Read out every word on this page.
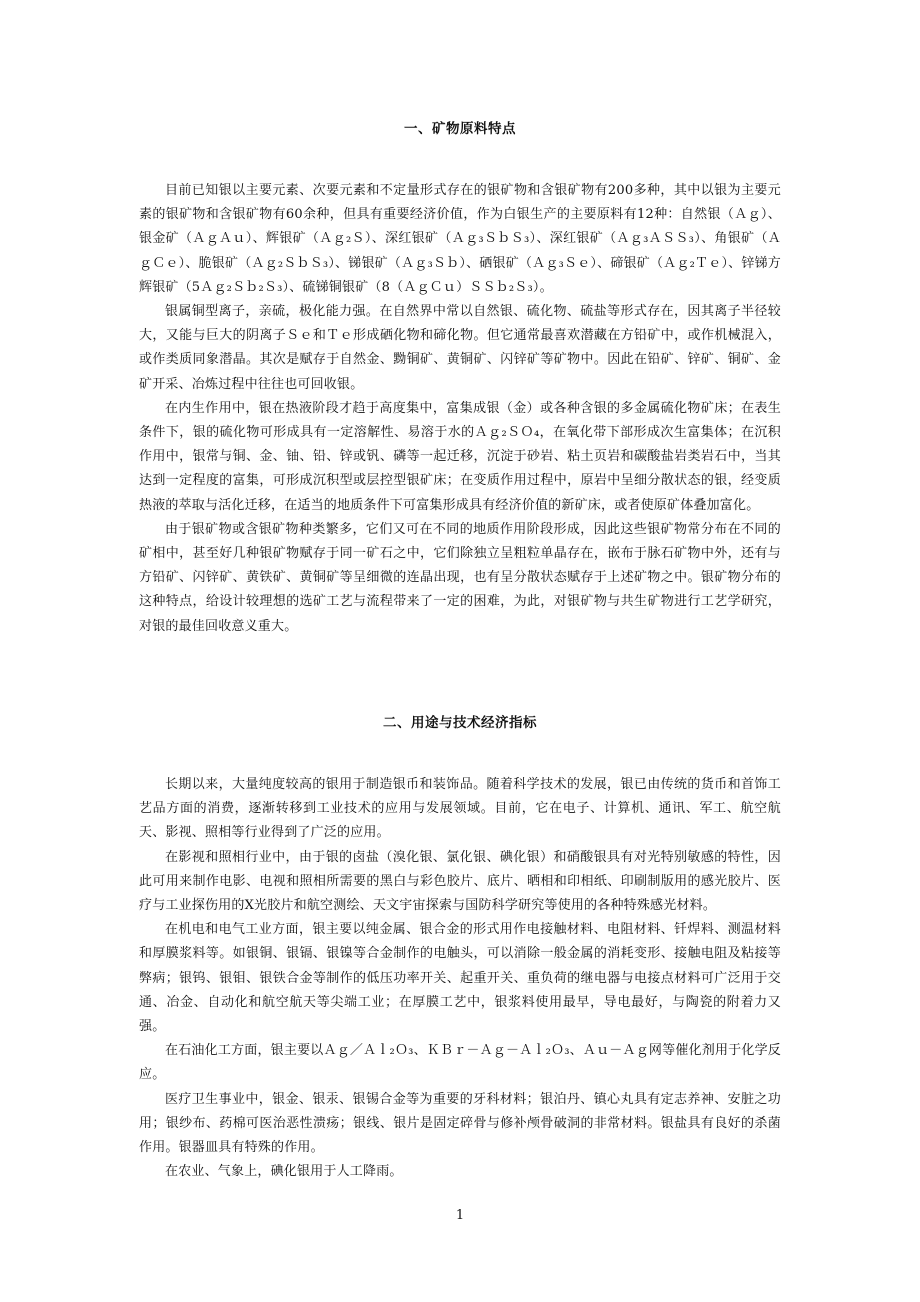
一、矿物原料特点

目前已知银以主要元素、次要元素和不定量形式存在的银矿物和含银矿物有200多种，其中以银为主要元素的银矿物和含银矿物有60余种，但具有重要经济价值，作为白银生产的主要原料有12种：自然银（Ａｇ）、银金矿（ＡｇＡｕ）、辉银矿（Ａｇ₂Ｓ）、深红银矿（Ａｇ₃ＳｂＳ₃）、深红银矿（Ａｇ₃ＡＳＳ₃）、角银矿（ＡｇＣｅ）、脆银矿（Ａｇ₂ＳｂＳ₃）、锑银矿（Ａｇ₃Ｓｂ）、硒银矿（Ａｇ₃Ｓｅ）、碲银矿（Ａｇ₂Ｔｅ）、锌锑方辉银矿（5Ａｇ₂Ｓｂ₂Ｓ₃）、硫锑铜银矿（8（ＡｇＣｕ）ＳＳｂ₂Ｓ₃）。

银属铜型离子，亲硫，极化能力强。在自然界中常以自然银、硫化物、硫盐等形式存在，因其离子半径较大，又能与巨大的阴离子Ｓｅ和Ｔｅ形成硒化物和碲化物。但它通常最喜欢潜藏在方铅矿中，或作机械混入，或作类质同象潜晶。其次是赋存于自然金、黝铜矿、黄铜矿、闪锌矿等矿物中。因此在铅矿、锌矿、铜矿、金矿开采、冶炼过程中往往也可回收银。

在内生作用中，银在热液阶段才趋于高度集中，富集成银（金）或各种含银的多金属硫化物矿床；在表生条件下，银的硫化物可形成具有一定溶解性、易溶于水的Ａｇ₂ＳＯ₄，在氧化带下部形成次生富集体；在沉积作用中，银常与铜、金、铀、铅、锌或钒、磷等一起迁移，沉淀于砂岩、粘土页岩和碳酸盐岩类岩石中，当其达到一定程度的富集，可形成沉积型或层控型银矿床；在变质作用过程中，原岩中呈细分散状态的银，经变质热液的萃取与活化迁移，在适当的地质条件下可富集形成具有经济价值的新矿床，或者使原矿体叠加富化。

由于银矿物或含银矿物种类繁多，它们又可在不同的地质作用阶段形成，因此这些银矿物常分布在不同的矿相中，甚至好几种银矿物赋存于同一矿石之中，它们除独立呈粗粒单晶存在，嵌布于脉石矿物中外，还有与方铅矿、闪锌矿、黄铁矿、黄铜矿等呈细微的连晶出现，也有呈分散状态赋存于上述矿物之中。银矿物分布的这种特点，给设计较理想的选矿工艺与流程带来了一定的困难，为此，对银矿物与共生矿物进行工艺学研究，对银的最佳回收意义重大。

二、用途与技术经济指标

长期以来，大量纯度较高的银用于制造银币和装饰品。随着科学技术的发展，银已由传统的货币和首饰工艺品方面的消费，逐渐转移到工业技术的应用与发展领域。目前，它在电子、计算机、通讯、军工、航空航天、影视、照相等行业得到了广泛的应用。

在影视和照相行业中，由于银的卤盐（溴化银、氯化银、碘化银）和硝酸银具有对光特别敏感的特性，因此可用来制作电影、电视和照相所需要的黑白与彩色胶片、底片、晒相和印相纸、印刷制版用的感光胶片、医疗与工业探伤用的X光胶片和航空测绘、天文宇宙探索与国防科学研究等使用的各种特殊感光材料。

在机电和电气工业方面，银主要以纯金属、银合金的形式用作电接触材料、电阻材料、钎焊料、测温材料和厚膜浆料等。如银铜、银镉、银镍等合金制作的电触头，可以消除一般金属的消耗变形、接触电阻及粘接等弊病；银钨、银钼、银铁合金等制作的低压功率开关、起重开关、重负荷的继电器与电接点材料可广泛用于交通、冶金、自动化和航空航天等尖端工业；在厚膜工艺中，银浆料使用最早，导电最好，与陶瓷的附着力又强。

在石油化工方面，银主要以Ａｇ／Ａｌ₂Ｏ₃、ＫＢｒ－Ａｇ－Ａｌ₂Ｏ₃、Ａｕ－Ａｇ网等催化剂用于化学反应。

医疗卫生事业中，银金、银汞、银锡合金等为重要的牙科材料；银泊丹、镇心丸具有定志养神、安脏之功用；银纱布、药棉可医治恶性溃疡；银线、银片是固定碎骨与修补颅骨破洞的非常材料。银盐具有良好的杀菌作用。银器皿具有特殊的作用。

在农业、气象上，碘化银用于人工降雨。

1
